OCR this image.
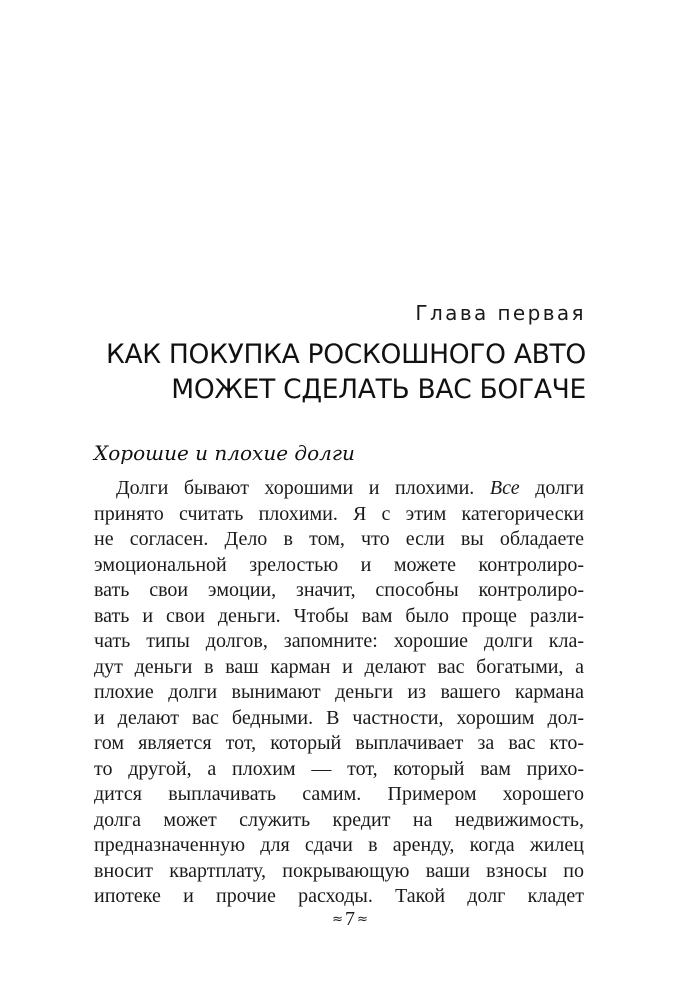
Глава первая
КАК ПОКУПКА РОСКОШНОГО АВТО
МОЖЕТ СДЕЛАТЬ ВАС БОГАЧЕ
Хорошие и плохие долги
Долги бывают хорошими и плохими. Все долги
принято считать плохими. Я с этим категорически
не согласен. Дело в том, что если вы обладаете
эмоциональной зрелостью и можете контролиро-
вать свои эмоции, значит, способны контролиро-
вать и свои деньги. Чтобы вам было проще разли-
чать типы долгов, запомните: хорошие долги кла-
дут деньги в ваш карман и делают вас богатыми, а
плохие долги вынимают деньги из вашего кармана
и делают вас бедными. В частности, хорошим дол-
гом является тот, который выплачивает за вас кто-
то другой, а плохим — тот, который вам прихо-
дится выплачивать самим. Примером хорошего
долга может служить кредит на недвижимость,
предназначенную для сдачи в аренду, когда жилец
вносит квартплату, покрывающую ваши взносы по
ипотеке и прочие расходы. Такой долг кладет
≈ 7 ≈
